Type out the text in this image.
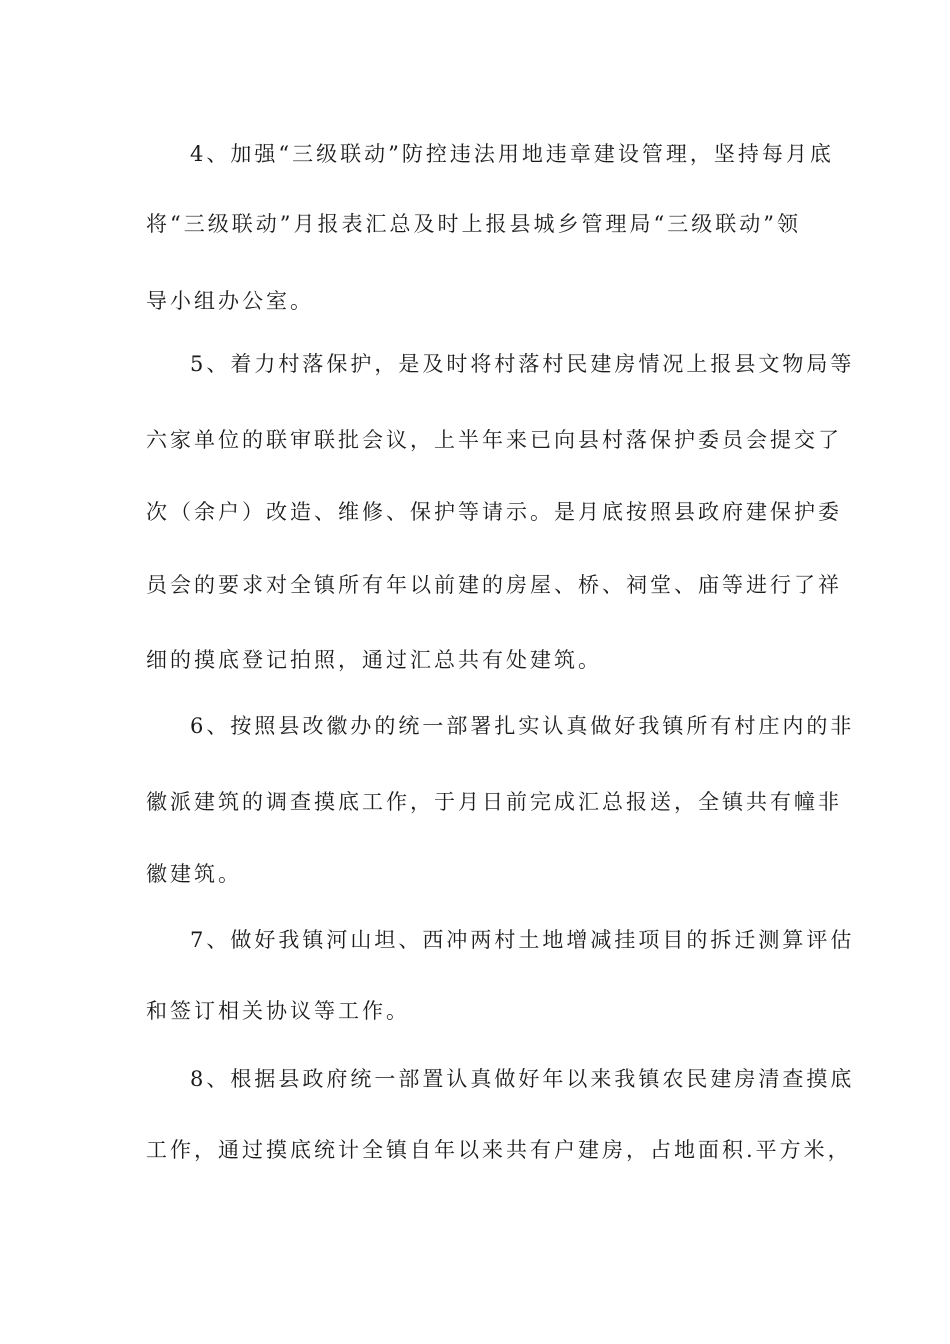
4、加强“三级联动”防控违法用地违章建设管理，坚持每月底
将“三级联动”月报表汇总及时上报县城乡管理局“三级联动”领
导小组办公室。
5、着力村落保护，是及时将村落村民建房情况上报县文物局等
六家单位的联审联批会议，上半年来已向县村落保护委员会提交了
次（余户）改造、维修、保护等请示。是月底按照县政府建保护委
员会的要求对全镇所有年以前建的房屋、桥、祠堂、庙等进行了祥
细的摸底登记拍照，通过汇总共有处建筑。
6、按照县改徽办的统一部署扎实认真做好我镇所有村庄内的非
徽派建筑的调查摸底工作，于月日前完成汇总报送，全镇共有幢非
徽建筑。
7、做好我镇河山坦、西冲两村土地增减挂项目的拆迁测算评估
和签订相关协议等工作。
8、根据县政府统一部置认真做好年以来我镇农民建房清查摸底
工作，通过摸底统计全镇自年以来共有户建房，占地面积.平方米，
